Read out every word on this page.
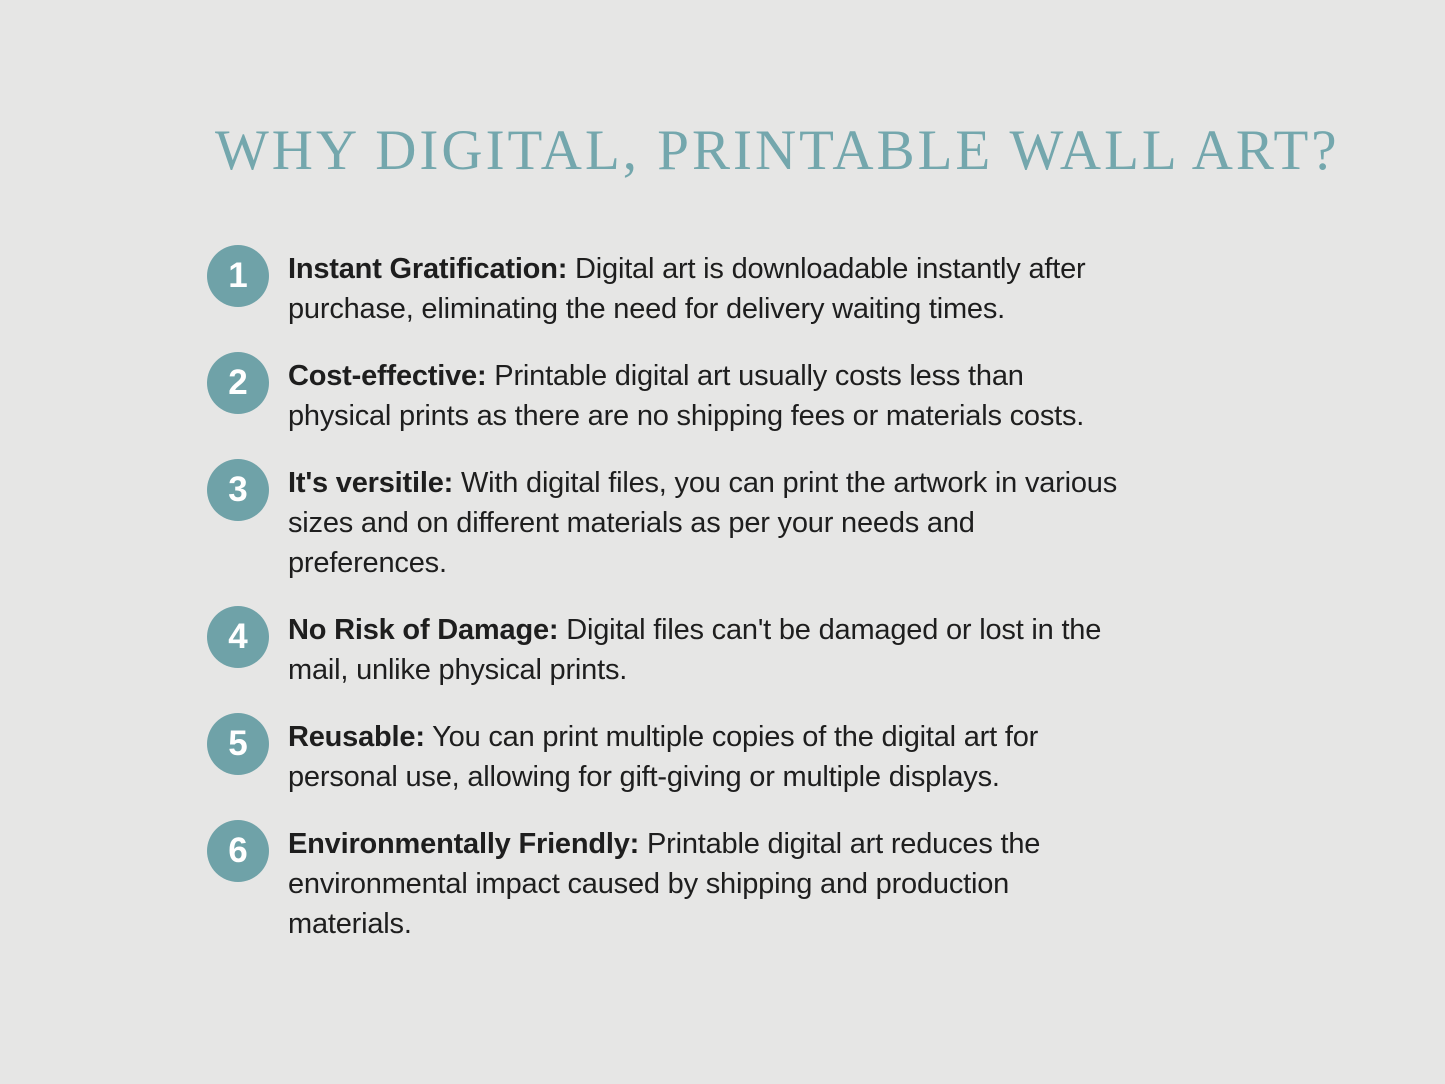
WHY DIGITAL, PRINTABLE WALL ART?
1	Instant Gratification: Digital art is downloadable instantly after
purchase, eliminating the need for delivery waiting times.
2	Cost-effective: Printable digital art usually costs less than
physical prints as there are no shipping fees or materials costs.
3	It's versitile: With digital files, you can print the artwork in various
sizes and on different materials as per your needs and
preferences.
4	No Risk of Damage: Digital files can't be damaged or lost in the
mail, unlike physical prints.
5	Reusable: You can print multiple copies of the digital art for
personal use, allowing for gift-giving or multiple displays.
6	Environmentally Friendly: Printable digital art reduces the
environmental impact caused by shipping and production
materials.
